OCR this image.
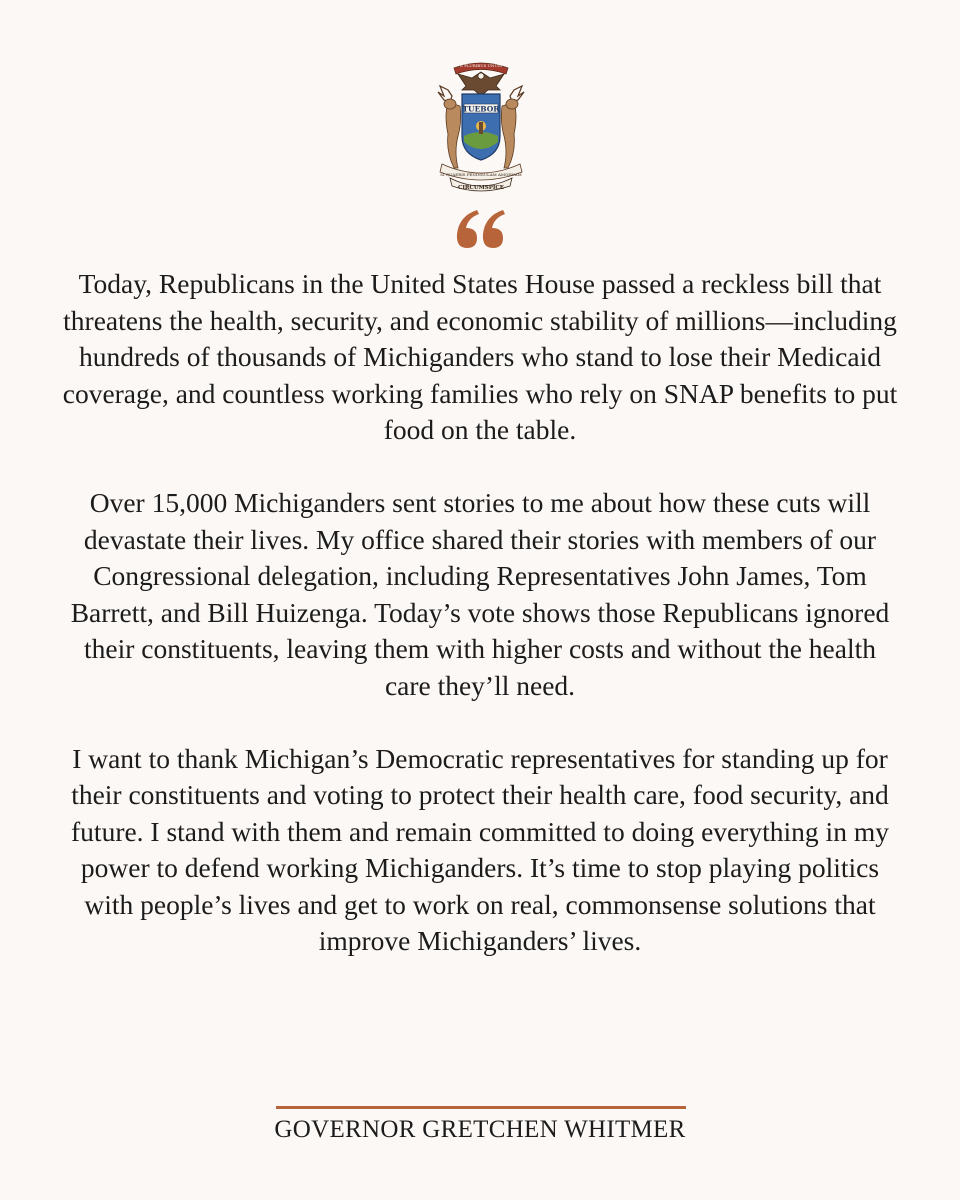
TUEBOR
SI QUAERIS PENINSULAM AMOENAM
CIRCUMSPICE
E PLURIBUS UNUM

Today, Republicans in the United States House passed a reckless bill that threatens the health, security, and economic stability of millions—including hundreds of thousands of Michiganders who stand to lose their Medicaid coverage, and countless working families who rely on SNAP benefits to put food on the table.

Over 15,000 Michiganders sent stories to me about how these cuts will devastate their lives. My office shared their stories with members of our Congressional delegation, including Representatives John James, Tom Barrett, and Bill Huizenga. Today’s vote shows those Republicans ignored their constituents, leaving them with higher costs and without the health care they’ll need.

I want to thank Michigan’s Democratic representatives for standing up for their constituents and voting to protect their health care, food security, and future. I stand with them and remain committed to doing everything in my power to defend working Michiganders. It’s time to stop playing politics with people’s lives and get to work on real, commonsense solutions that improve Michiganders’ lives.

GOVERNOR GRETCHEN WHITMER
